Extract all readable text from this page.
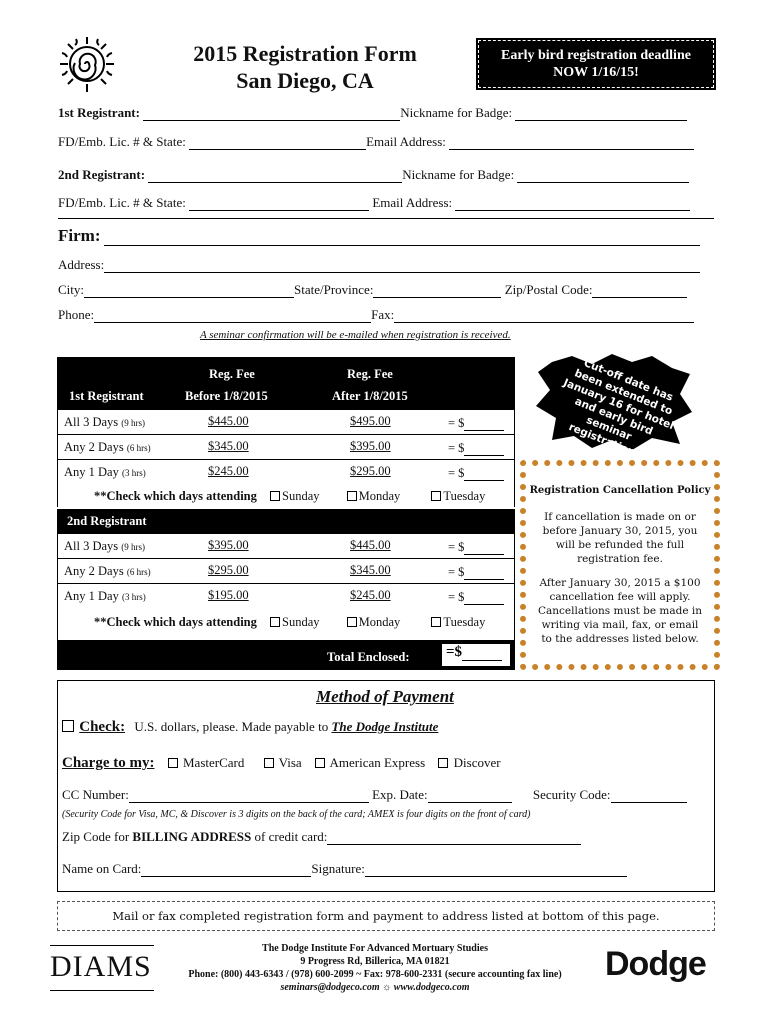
2015 Registration Form
San Diego, CA
Early bird registration deadline
NOW 1/16/15!
1st Registrant:	Nickname for Badge:
FD/Emb. Lic. # & State:	Email Address:
2nd Registrant:	Nickname for Badge:
FD/Emb. Lic. # & State:	Email Address:
Firm:
Address:
City:	State/Province:	Zip/Postal Code:
Phone:	Fax:
A seminar confirmation will be e-mailed when registration is received.
Reg. Fee	Reg. Fee
1st Registrant	Before 1/8/2015	After 1/8/2015
All 3 Days (9 hrs)	$445.00	$495.00	= $
Any 2 Days (6 hrs)	$345.00	$395.00	= $
Any 1 Day (3 hrs)	$245.00	$295.00	= $
**Check which days attending Sunday	Monday	Tuesday
2nd Registrant
All 3 Days (9 hrs)	$395.00	$445.00	= $
Any 2 Days (6 hrs)	$295.00	$345.00	= $
Any 1 Day (3 hrs)	$195.00	$245.00	= $
**Check which days attending Sunday	Monday	Tuesday
Total Enclosed: =$
Cut-off date has been extended to January 16 for hotel and early bird seminar registration!
Registration Cancellation Policy
If cancellation is made on or before January 30, 2015, you will be refunded the full registration fee.
After January 30, 2015 a $100 cancellation fee will apply. Cancellations must be made in writing via mail, fax, or email to the addresses listed below.
Method of Payment
Check: U.S. dollars, please. Made payable to The Dodge Institute
Charge to my: MasterCard	Visa American Express Discover
CC Number:	Exp. Date:	Security Code:
(Security Code for Visa, MC, & Discover is 3 digits on the back of the card; AMEX is four digits on the front of card)
Zip Code for BILLING ADDRESS of credit card:
Name on Card:	Signature:
Mail or fax completed registration form and payment to address listed at bottom of this page.
DIAMS
The Dodge Institute For Advanced Mortuary Studies
9 Progress Rd, Billerica, MA 01821
Phone: (800) 443-6343 / (978) 600-2099 ~ Fax: 978-600-2331 (secure accounting fax line)
seminars@dodgeco.com ☼ www.dodgeco.com
Dodge
